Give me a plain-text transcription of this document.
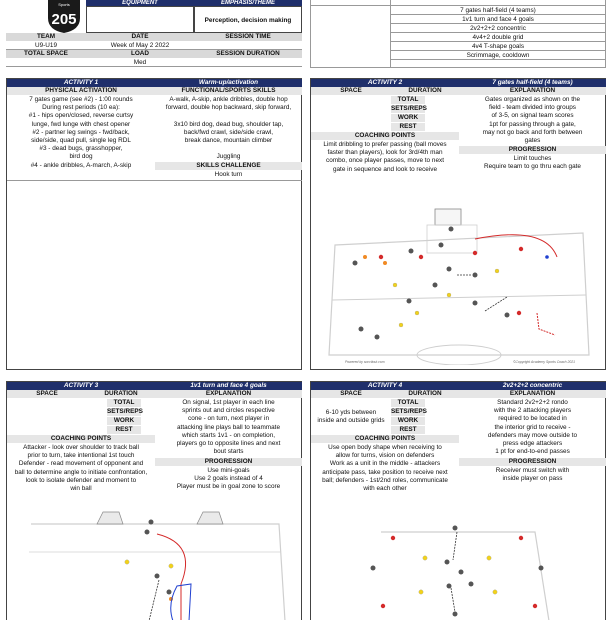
Sports
205
EQUIPMENT	EMPHASIS/THEME
Perception, decision making
TEAM	DATE	SESSION TIME
U9-U19	Week of May 2 2022
TOTAL SPACE	LOAD	SESSION DURATION
Med
7 gates half-field (4 teams)
1v1 turn and face 4 goals
2v2+2+2 concentric
4v4+2 double grid
4v4 T-shape goals
Scrimmage, cooldown
ACTIVITY 1	Warm-up/activation
PHYSICAL ACTIVATION	FUNCTIONAL/SPORTS SKILLS
7 gates game (see #2) - 1:00 rounds
During rest periods (10 ea):
#1 - hips open/closed, reverse curtsy
lunge, fwd lunge with chest opener
#2 - partner leg swings - fwd/back,
side/side, quad pull, single leg RDL
#3 - dead bugs, grasshopper,
bird dog
#4 - ankle dribbles, A-march, A-skip
A-walk, A-skip, ankle dribbles, double hop
forward, double hop backward, skip forward,
3x10 bird dog, dead bug, shoulder tap,
back/fwd crawl, side/side crawl,
break dance, mountain climber
Juggling
SKILLS CHALLENGE
Hook turn
ACTIVITY 2	7 gates half-field (4 teams)
SPACE	DURATION	EXPLANATION
TOTAL
SETS/REPS
WORK
REST
COACHING POINTS
Limit dribbling to prefer passing (ball moves
faster than players), look for 3rd/4th man
combo, once player passes, move to next
gate in sequence and look to receive
Gates organized as shown on the
field - team divided into groups
of 3-5, on signal team scores
1pt for passing through a gate,
may not go back and forth between
gates
PROGRESSION
Limit touches
Require team to go thru each gate
Powered by soccitout.com	©Copyright Academy Sports Coach 2021
ACTIVITY 3	1v1 turn and face 4 goals
SPACE	DURATION	EXPLANATION
TOTAL
SETS/REPS
WORK
REST
COACHING POINTS
Attacker - look over shoulder to track ball
prior to turn, take intentional 1st touch
Defender - read movement of opponent and
ball to determine angle to initiate confrontation,
look to isolate defender and moment to
win ball
On signal, 1st player in each line
sprints out and circles respective
cone - on turn, next player in
attacking line plays ball to teammate
which starts 1v1 - on completion,
players go to opposite lines and next
bout starts
PROGRESSION
Use mini-goals
Use 2 goals instead of 4
Player must be in goal zone to score
ACTIVITY 4	2v2+2+2 concentric
SPACE	DURATION	EXPLANATION
TOTAL
SETS/REPS
WORK
REST
6-10 yds between
inside and outside grids
COACHING POINTS
Use open body shape when receiving to
allow for turns, vision on defenders
Work as a unit in the middle - attackers
anticipate pass, take position to receive next
ball; defenders - 1st/2nd roles, communicate
with each other
Standard 2v2+2+2 rondo
with the 2 attacking players
required to be located in
the interior grid to receive -
defenders may move outside to
press edge attackers
1 pt for end-to-end passes
PROGRESSION
Receiver must switch with
inside player on pass
